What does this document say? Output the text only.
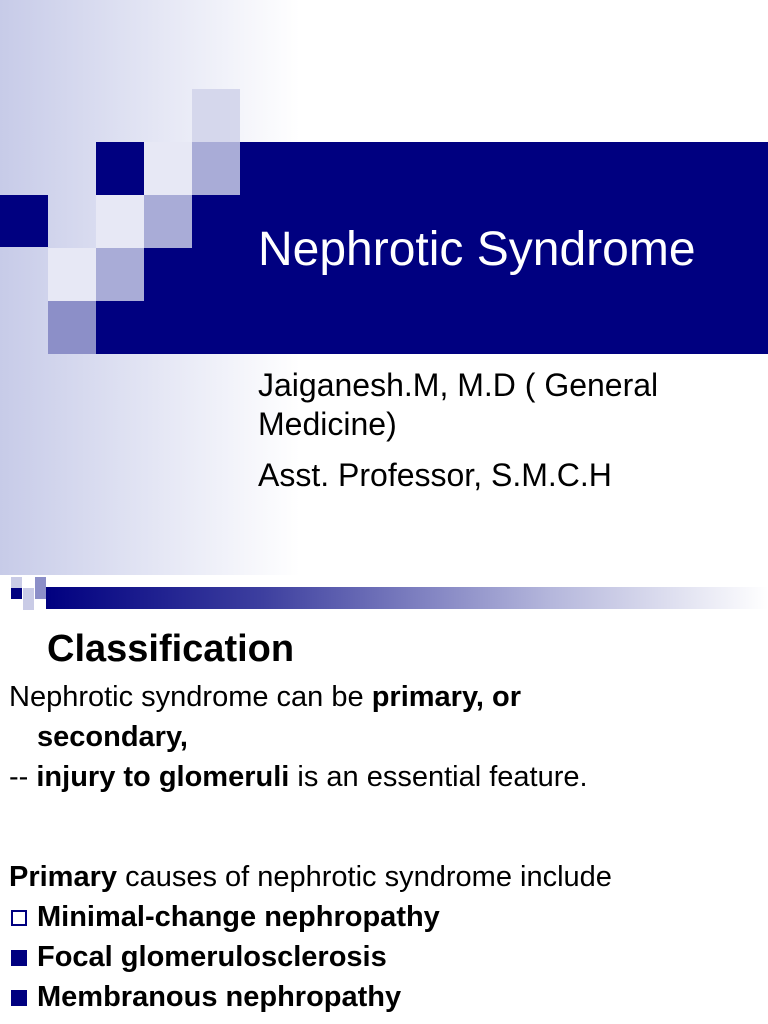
Nephrotic Syndrome

Jaiganesh.M, M.D ( General Medicine)

Asst. Professor, S.M.C.H

Classification

Nephrotic syndrome can be primary, or

secondary,

-- injury to glomeruli is an essential feature.

Primary causes of nephrotic syndrome include

Minimal-change nephropathy

Focal glomerulosclerosis

Membranous nephropathy
